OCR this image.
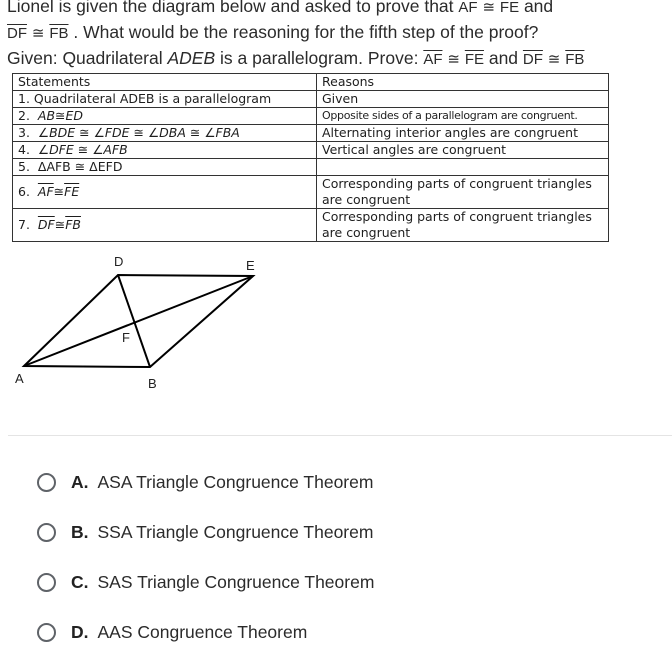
Lionel is given the diagram below and asked to prove that $\overline{AF}$ ≅ $\overline{FE}$ and
$\overline{DF}$ ≅ $\overline{FB}$ . What would be the reasoning for the fifth step of the proof?
Given: Quadrilateral ADEB is a parallelogram. Prove: $\overline{AF}$ ≅ $\overline{FE}$ and $\overline{DF}$ ≅ $\overline{FB}$
Statements	Reasons
1. Quadrilateral ADEB is a parallelogram	Given
2. $\overline{AB}≅\overline{ED}$	Opposite sides of a parallelogram are congruent.
3. ∠BDE ≅ ∠FDE ≅ ∠DBA ≅ ∠FBA	Alternating interior angles are congruent
4. ∠DFE ≅ ∠AFB	Vertical angles are congruent
5. ΔAFB ≅ ΔEFD	
6. $\overline{AF}≅\overline{FE}$	Corresponding parts of congruent triangles are congruent
7. $\overline{DF}≅\overline{FB}$	Corresponding parts of congruent triangles are congruent
D	E
F
A	B
A. ASA Triangle Congruence Theorem
B. SSA Triangle Congruence Theorem
C. SAS Triangle Congruence Theorem
D. AAS Congruence Theorem
